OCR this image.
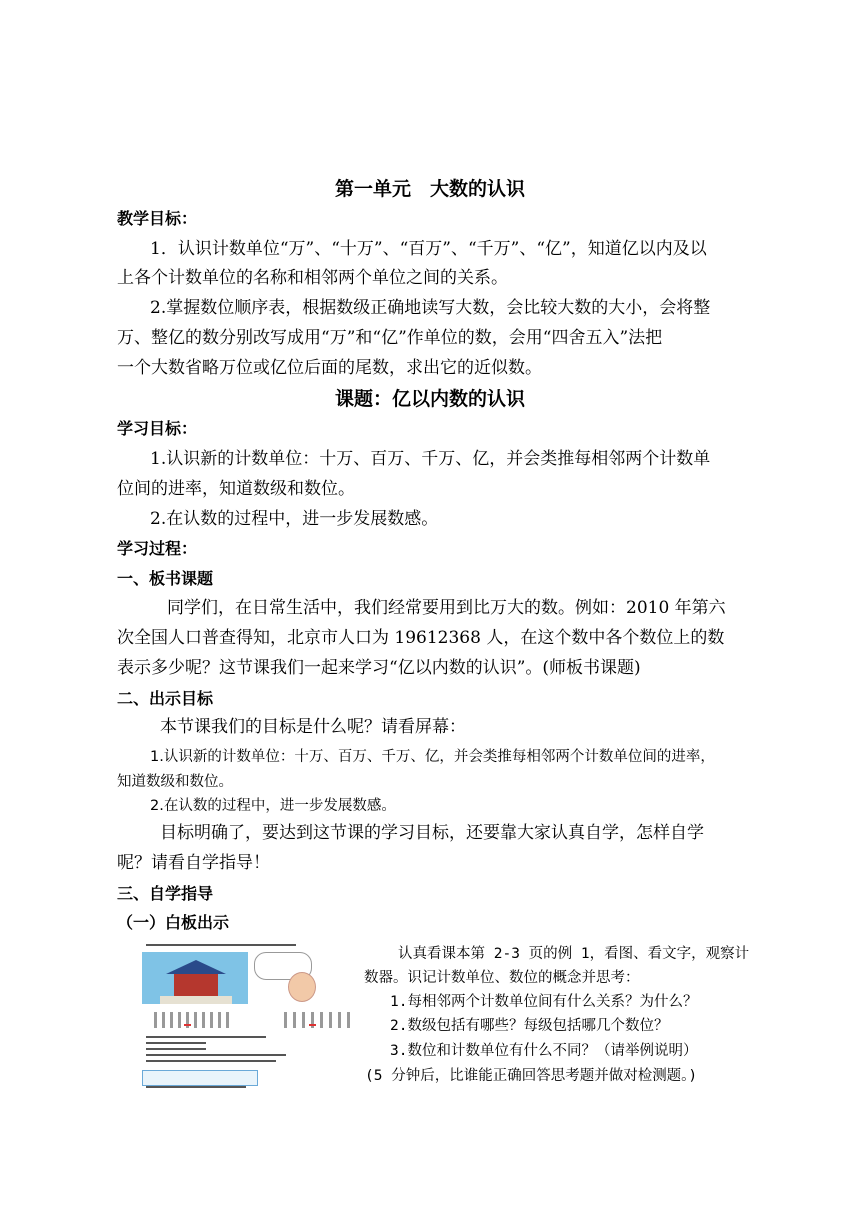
第一单元　大数的认识
教学目标：
1．认识计数单位“万”、“十万”、“百万”、“千万”、“亿”，知道亿以内及以
上各个计数单位的名称和相邻两个单位之间的关系。
2.掌握数位顺序表，根据数级正确地读写大数，会比较大数的大小，会将整
万、整亿的数分别改写成用“万”和“亿”作单位的数，会用“四舍五入”法把
一个大数省略万位或亿位后面的尾数，求出它的近似数。
课题：亿以内数的认识
学习目标：
1.认识新的计数单位：十万、百万、千万、亿，并会类推每相邻两个计数单
位间的进率，知道数级和数位。
2.在认数的过程中，进一步发展数感。
学习过程：
一、板书课题
同学们，在日常生活中，我们经常要用到比万大的数。例如：2010 年第六
次全国人口普查得知，北京市人口为 19612368 人，在这个数中各个数位上的数
表示多少呢？这节课我们一起来学习“亿以内数的认识”。(师板书课题)
二、出示目标
本节课我们的目标是什么呢？请看屏幕：
1.认识新的计数单位：十万、百万、千万、亿，并会类推每相邻两个计数单位间的进率，
知道数级和数位。
2.在认数的过程中，进一步发展数感。
目标明确了，要达到这节课的学习目标，还要靠大家认真自学，怎样自学
呢？请看自学指导！
三、自学指导
（一）白板出示
认真看课本第 2-3 页的例 1，看图、看文字，观察计
数器。识记计数单位、数位的概念并思考：
1.每相邻两个计数单位间有什么关系？为什么？
2.数级包括有哪些？每级包括哪几个数位？
3.数位和计数单位有什么不同？（请举例说明）
(5 分钟后，比谁能正确回答思考题并做对检测题。)
